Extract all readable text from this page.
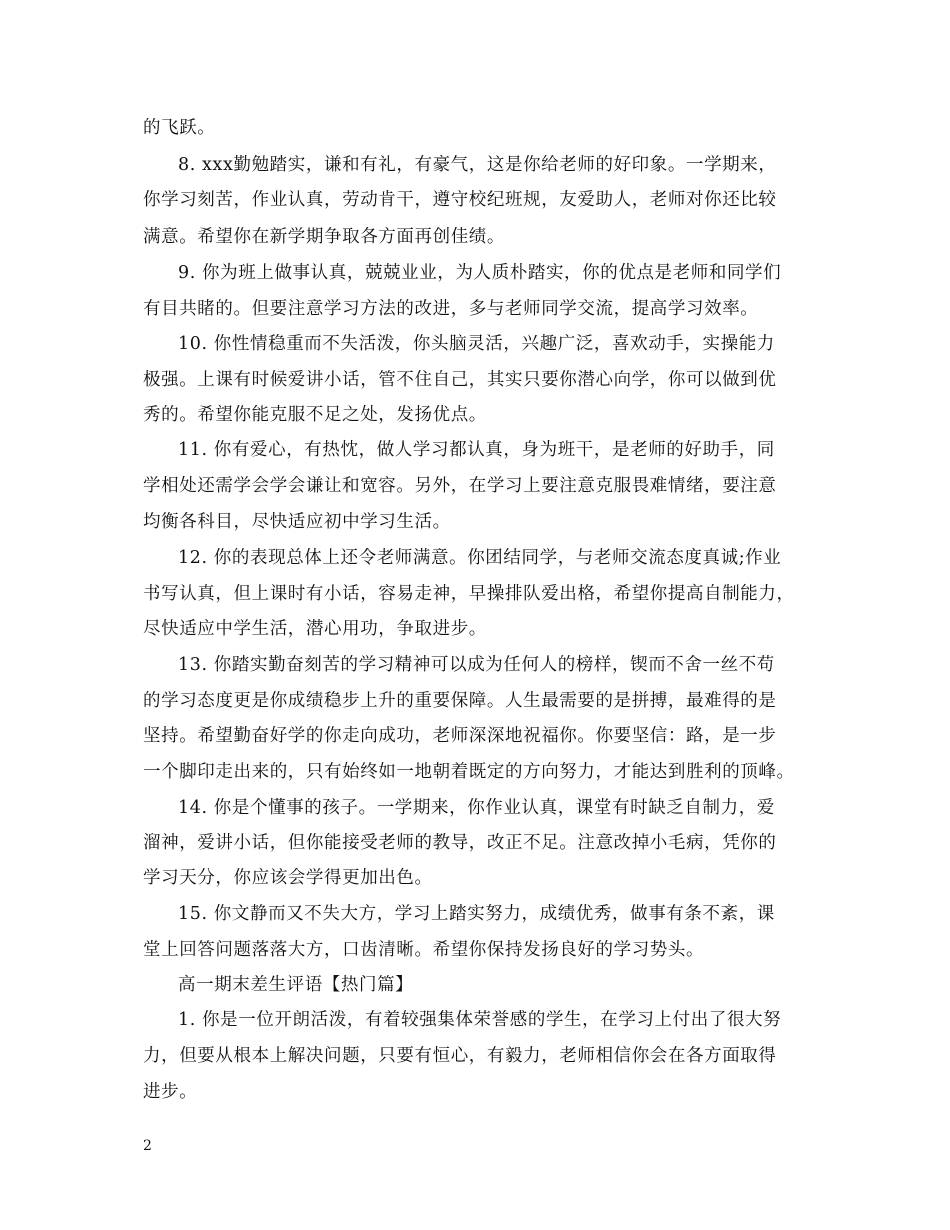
的飞跃。
8. xxx勤勉踏实，谦和有礼，有豪气，这是你给老师的好印象。一学期来，
你学习刻苦，作业认真，劳动肯干，遵守校纪班规，友爱助人，老师对你还比较
满意。希望你在新学期争取各方面再创佳绩。
9. 你为班上做事认真，兢兢业业，为人质朴踏实，你的优点是老师和同学们
有目共睹的。但要注意学习方法的改进，多与老师同学交流，提高学习效率。
10. 你性情稳重而不失活泼，你头脑灵活，兴趣广泛，喜欢动手，实操能力
极强。上课有时候爱讲小话，管不住自己，其实只要你潜心向学，你可以做到优
秀的。希望你能克服不足之处，发扬优点。
11. 你有爱心，有热忱，做人学习都认真，身为班干，是老师的好助手，同
学相处还需学会学会谦让和宽容。另外，在学习上要注意克服畏难情绪，要注意
均衡各科目，尽快适应初中学习生活。
12. 你的表现总体上还令老师满意。你团结同学，与老师交流态度真诚;作业
书写认真，但上课时有小话，容易走神，早操排队爱出格，希望你提高自制能力，
尽快适应中学生活，潜心用功，争取进步。
13. 你踏实勤奋刻苦的学习精神可以成为任何人的榜样，锲而不舍一丝不苟
的学习态度更是你成绩稳步上升的重要保障。人生最需要的是拼搏，最难得的是
坚持。希望勤奋好学的你走向成功，老师深深地祝福你。你要坚信：路，是一步
一个脚印走出来的，只有始终如一地朝着既定的方向努力，才能达到胜利的顶峰。
14. 你是个懂事的孩子。一学期来，你作业认真，课堂有时缺乏自制力，爱
溜神，爱讲小话，但你能接受老师的教导，改正不足。注意改掉小毛病，凭你的
学习天分，你应该会学得更加出色。
15. 你文静而又不失大方，学习上踏实努力，成绩优秀，做事有条不紊，课
堂上回答问题落落大方，口齿清晰。希望你保持发扬良好的学习势头。
高一期末差生评语【热门篇】
1. 你是一位开朗活泼，有着较强集体荣誉感的学生，在学习上付出了很大努
力，但要从根本上解决问题，只要有恒心，有毅力，老师相信你会在各方面取得
进步。
2
